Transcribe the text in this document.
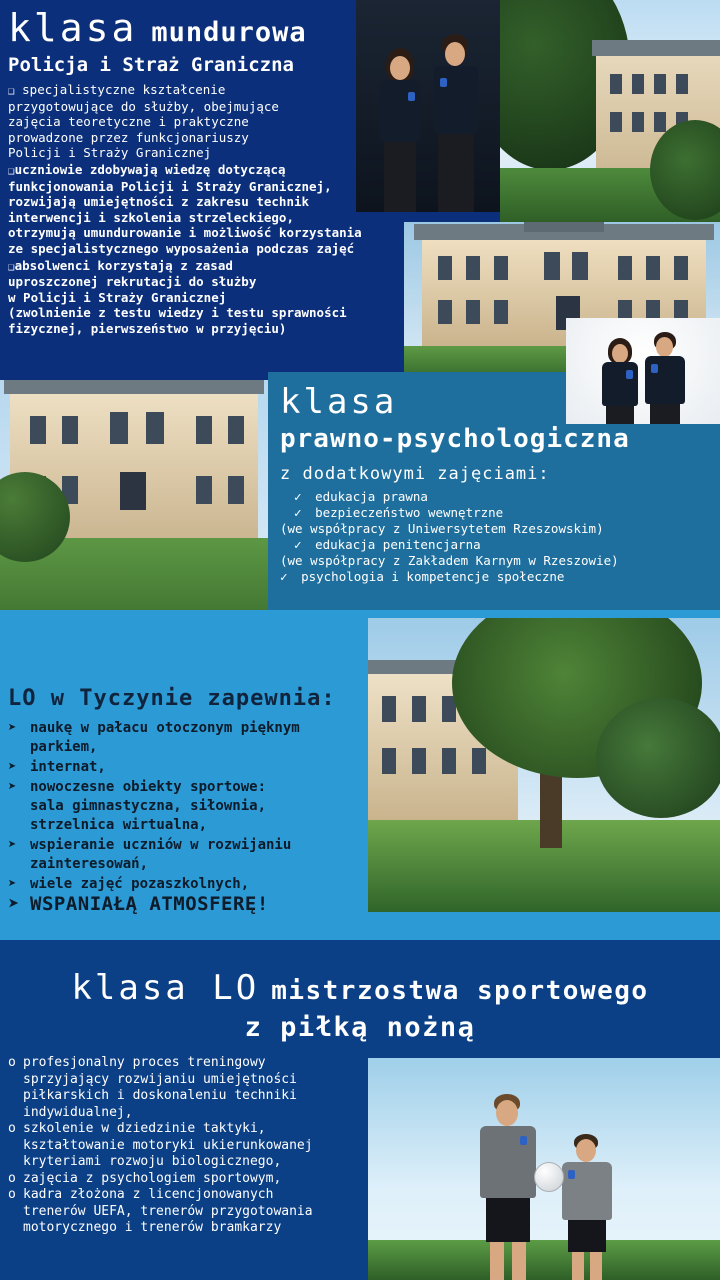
klasa mundurowa
Policja i Straż Graniczna
❑ specjalistyczne kształcenie
przygotowujące do służby, obejmujące
zajęcia teoretyczne i praktyczne
prowadzone przez funkcjonariuszy
Policji i Straży Granicznej
❑uczniowie zdobywają wiedzę dotyczącą
funkcjonowania Policji i Straży Granicznej,
rozwijają umiejętności z zakresu technik
interwencji i szkolenia strzeleckiego,
otrzymują umundurowanie i możliwość korzystania
ze specjalistycznego wyposażenia podczas zajęć
❑absolwenci korzystają z zasad
uproszczonej rekrutacji do służby
w Policji i Straży Granicznej
(zwolnienie z testu wiedzy i testu sprawności
fizycznej, pierwszeństwo w przyjęciu)
klasa
prawno-psychologiczna
z dodatkowymi zajęciami:
✓ edukacja prawna
✓ bezpieczeństwo wewnętrzne
(we współpracy z Uniwersytetem Rzeszowskim)
✓ edukacja penitencjarna
(we współpracy z Zakładem Karnym w Rzeszowie)
✓ psychologia i kompetencje społeczne
LO w Tyczynie zapewnia:
➤ naukę w pałacu otoczonym pięknym
parkiem,
➤ internat,
➤ nowoczesne obiekty sportowe:
sala gimnastyczna, siłownia,
strzelnica wirtualna,
➤ wspieranie uczniów w rozwijaniu
zainteresowań,
➤ wiele zajęć pozaszkolnych,
➤ WSPANIAŁĄ ATMOSFERĘ!
klasa LO mistrzostwa sportowego
z piłką nożną
o profesjonalny proces treningowy
sprzyjający rozwijaniu umiejętności
piłkarskich i doskonaleniu techniki
indywidualnej,
o szkolenie w dziedzinie taktyki,
kształtowanie motoryki ukierunkowanej
kryteriami rozwoju biologicznego,
o zajęcia z psychologiem sportowym,
o kadra złożona z licencjonowanych
trenerów UEFA, trenerów przygotowania
motorycznego i trenerów bramkarzy
